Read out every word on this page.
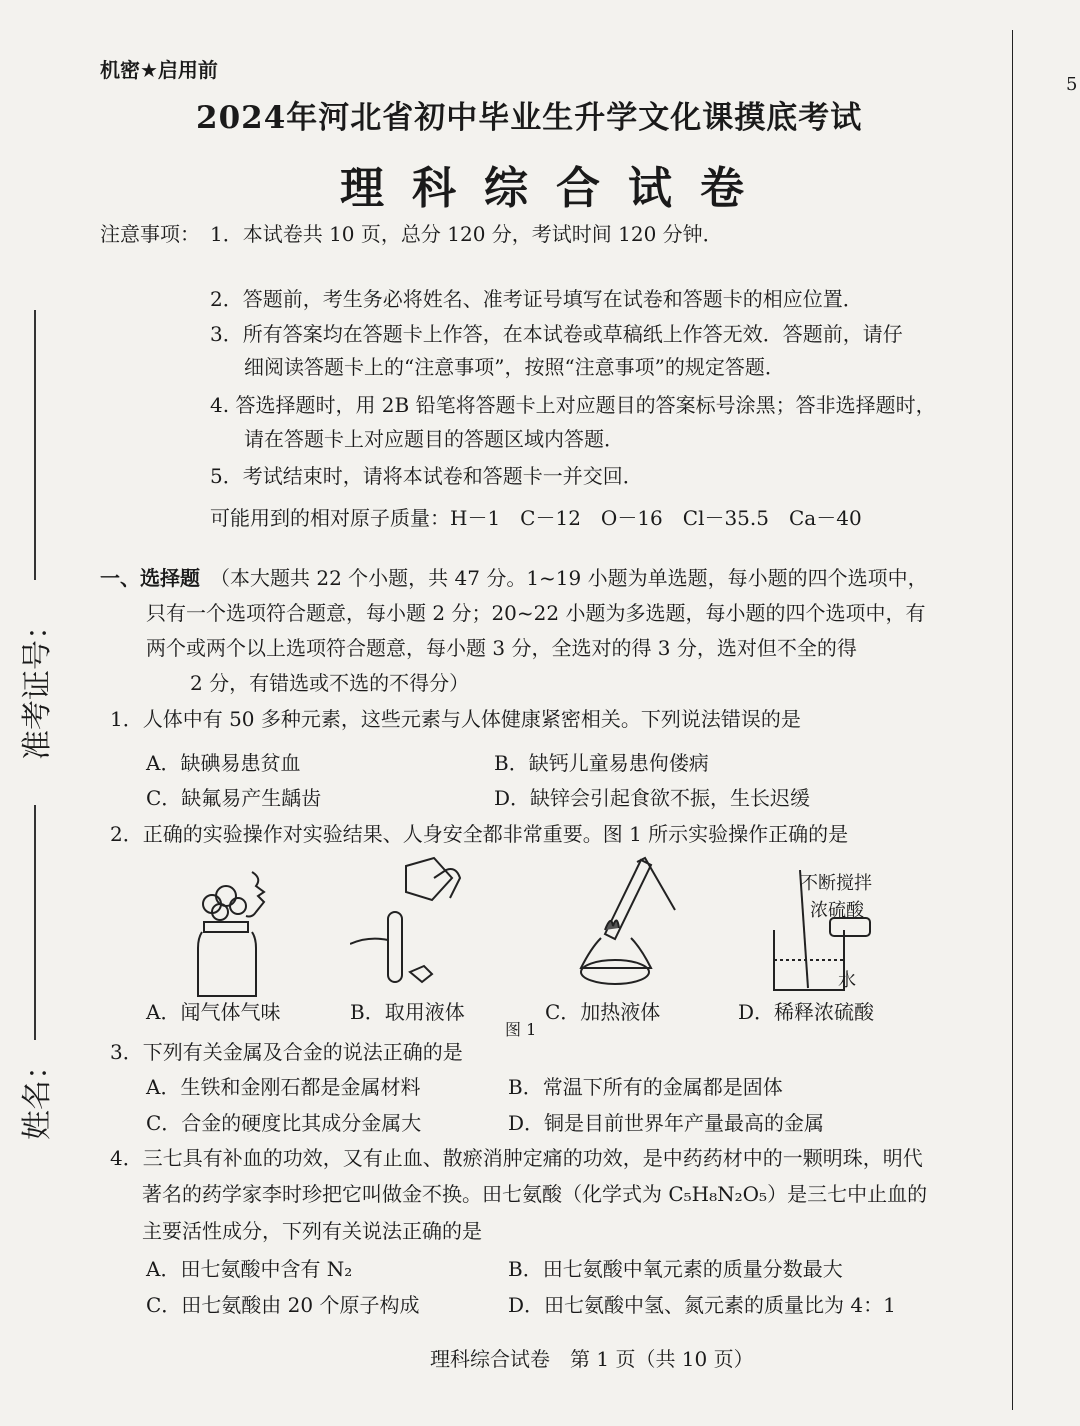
准考证号：
姓名：
5
机密★启用前
2024年河北省初中毕业生升学文化课摸底考试
理科综合试卷
注意事项： 1．本试卷共 10 页，总分 120 分，考试时间 120 分钟．
2．答题前，考生务必将姓名、准考证号填写在试卷和答题卡的相应位置．
3．所有答案均在答题卡上作答，在本试卷或草稿纸上作答无效．答题前，请仔
细阅读答题卡上的“注意事项”，按照“注意事项”的规定答题．
4. 答选择题时，用 2B 铅笔将答题卡上对应题目的答案标号涂黑；答非选择题时，
请在答题卡上对应题目的答题区域内答题．
5．考试结束时，请将本试卷和答题卡一并交回．
可能用到的相对原子质量：H－1　C－12　O－16　Cl－35.5　Ca－40
一、选择题 （本大题共 22 个小题，共 47 分。1~19 小题为单选题，每小题的四个选项中，
只有一个选项符合题意，每小题 2 分；20~22 小题为多选题，每小题的四个选项中，有
两个或两个以上选项符合题意，每小题 3 分，全选对的得 3 分，选对但不全的得
2 分，有错选或不选的不得分）
1．人体中有 50 多种元素，这些元素与人体健康紧密相关。下列说法错误的是
A．缺碘易患贫血	B．缺钙儿童易患佝偻病
C．缺氟易产生龋齿	D．缺锌会引起食欲不振，生长迟缓
2．正确的实验操作对实验结果、人身安全都非常重要。图 1 所示实验操作正确的是
不断搅拌
浓硫酸
水
A．闻气体气味	B．取用液体
图 1
C．加热液体	D．稀释浓硫酸
3．下列有关金属及合金的说法正确的是
A．生铁和金刚石都是金属材料	B．常温下所有的金属都是固体
C．合金的硬度比其成分金属大	D．铜是目前世界年产量最高的金属
4．三七具有补血的功效，又有止血、散瘀消肿定痛的功效，是中药药材中的一颗明珠，明代
著名的药学家李时珍把它叫做金不换。田七氨酸（化学式为 C₅H₈N₂O₅）是三七中止血的
主要活性成分，下列有关说法正确的是
A．田七氨酸中含有 N₂	B．田七氨酸中氧元素的质量分数最大
C．田七氨酸由 20 个原子构成	D．田七氨酸中氢、氮元素的质量比为 4：1
理科综合试卷　第 1 页（共 10 页）
